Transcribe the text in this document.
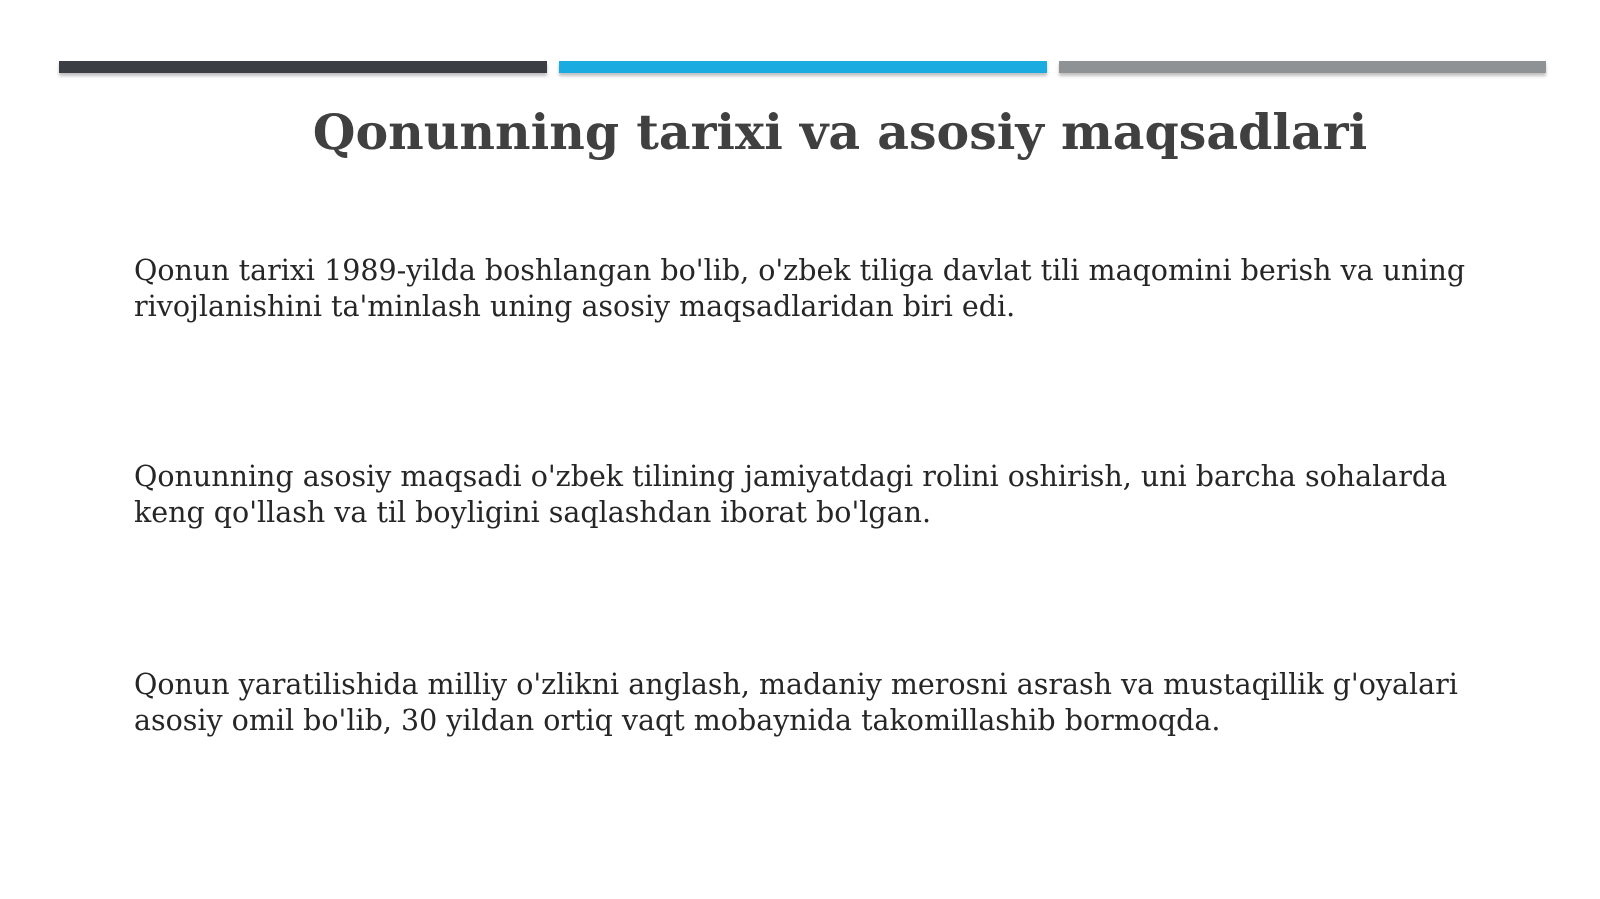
Qonunning tarixi va asosiy maqsadlari

Qonun tarixi 1989-yilda boshlangan bo'lib, o'zbek tiliga davlat tili maqomini berish va uning rivojlanishini ta'minlash uning asosiy maqsadlaridan biri edi.

Qonunning asosiy maqsadi o'zbek tilining jamiyatdagi rolini oshirish, uni barcha sohalarda keng qo'llash va til boyligini saqlashdan iborat bo'lgan.

Qonun yaratilishida milliy o'zlikni anglash, madaniy merosni asrash va mustaqillik g'oyalari asosiy omil bo'lib, 30 yildan ortiq vaqt mobaynida takomillashib bormoqda.
